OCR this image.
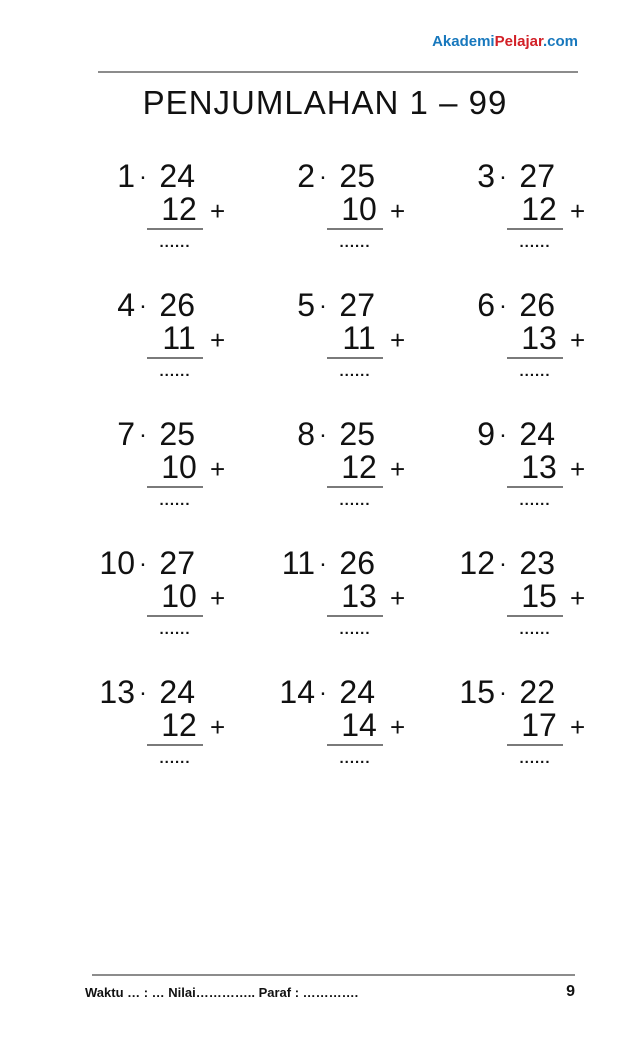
AkademiPelajar.com
PENJUMLAHAN 1 – 99
1 . 24
12 +
......
2 . 25
10 +
......
3 . 27
12 +
......
4 . 26
11 +
......
5 . 27
11 +
......
6 . 26
13 +
......
7 . 25
10 +
......
8 . 25
12 +
......
9 . 24
13 +
......
10 . 27
10 +
......
11 . 26
13 +
......
12 . 23
15 +
......
13 . 24
12 +
......
14 . 24
14 +
......
15 . 22
17 +
......
Waktu … : … Nilai………….. Paraf : ………….	9
